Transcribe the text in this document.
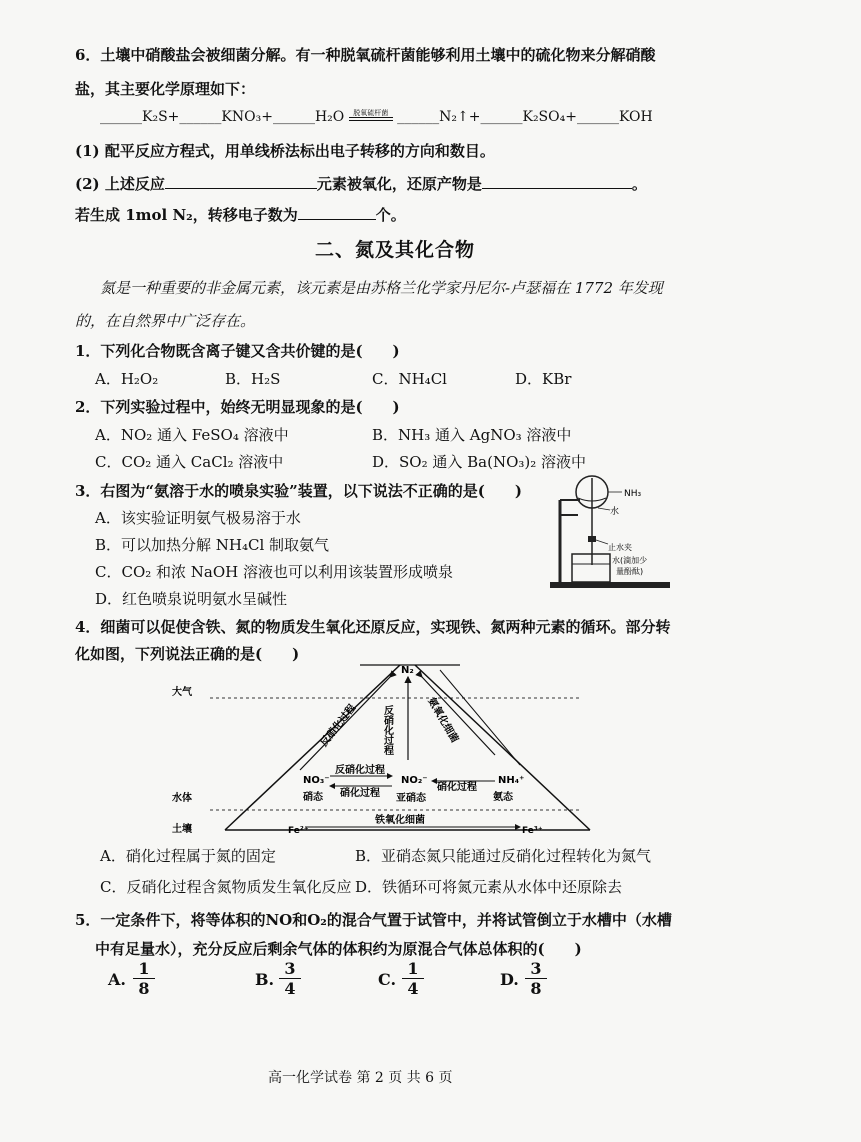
6．土壤中硝酸盐会被细菌分解。有一种脱氧硫杆菌能够利用土壤中的硫化物来分解硝酸
盐，其主要化学原理如下：
______K₂S+______KNO₃+______H₂O	脱氧硫杆菌 ______N₂↑+______K₂SO₄+______KOH
(1) 配平反应方程式，用单线桥法标出电子转移的方向和数目。
(2) 上述反应	元素被氧化，还原产物是	。
若生成 1mol N₂，转移电子数为	个。
二、氮及其化合物
氮是一种重要的非金属元素，该元素是由苏格兰化学家丹尼尔-卢瑟福在 1772 年发现
的，在自然界中广泛存在。
1．下列化合物既含离子键又含共价键的是(　　)
A．H₂O₂	B．H₂S	C．NH₄Cl	D．KBr
2．下列实验过程中，始终无明显现象的是(　　)
A．NO₂ 通入 FeSO₄ 溶液中	B．NH₃ 通入 AgNO₃ 溶液中
C．CO₂ 通入 CaCl₂ 溶液中	D．SO₂ 通入 Ba(NO₃)₂ 溶液中
3．右图为“氨溶于水的喷泉实验”装置，以下说法不正确的是(　　)
A．该实验证明氨气极易溶于水
B．可以加热分解 NH₄Cl 制取氨气
C．CO₂ 和浓 NaOH 溶液也可以利用该装置形成喷泉
D．红色喷泉说明氨水呈碱性
NH₃
水
止水夹
水(滴加少
量酚酞)
4．细菌可以促使含铁、氮的物质发生氧化还原反应，实现铁、氮两种元素的循环。部分转
化如图，下列说法正确的是(　　)
大气
水体
土壤
N₂
NO₃⁻	NO₂⁻	NH₄⁺
硝态	亚硝态	氨态
反硝化过程
硝化过程
硝化过程
反硝化过程	氨氧化细菌
反硝化过程
铁氧化细菌
Fe²⁺	Fe³⁺
A．硝化过程属于氮的固定	B．亚硝态氮只能通过反硝化过程转化为氮气
C．反硝化过程含氮物质发生氧化反应 D．铁循环可将氮元素从水体中还原除去
5．一定条件下，将等体积的NO和O₂的混合气置于试管中，并将试管倒立于水槽中（水槽
中有足量水），充分反应后剩余气体的体积约为原混合气体总体积的(　　)
A. $\frac{1}{8}$	B. $\frac{3}{4}$	C. $\frac{1}{4}$	D. $\frac{3}{8}$
高一化学试卷 第 2 页 共 6 页
